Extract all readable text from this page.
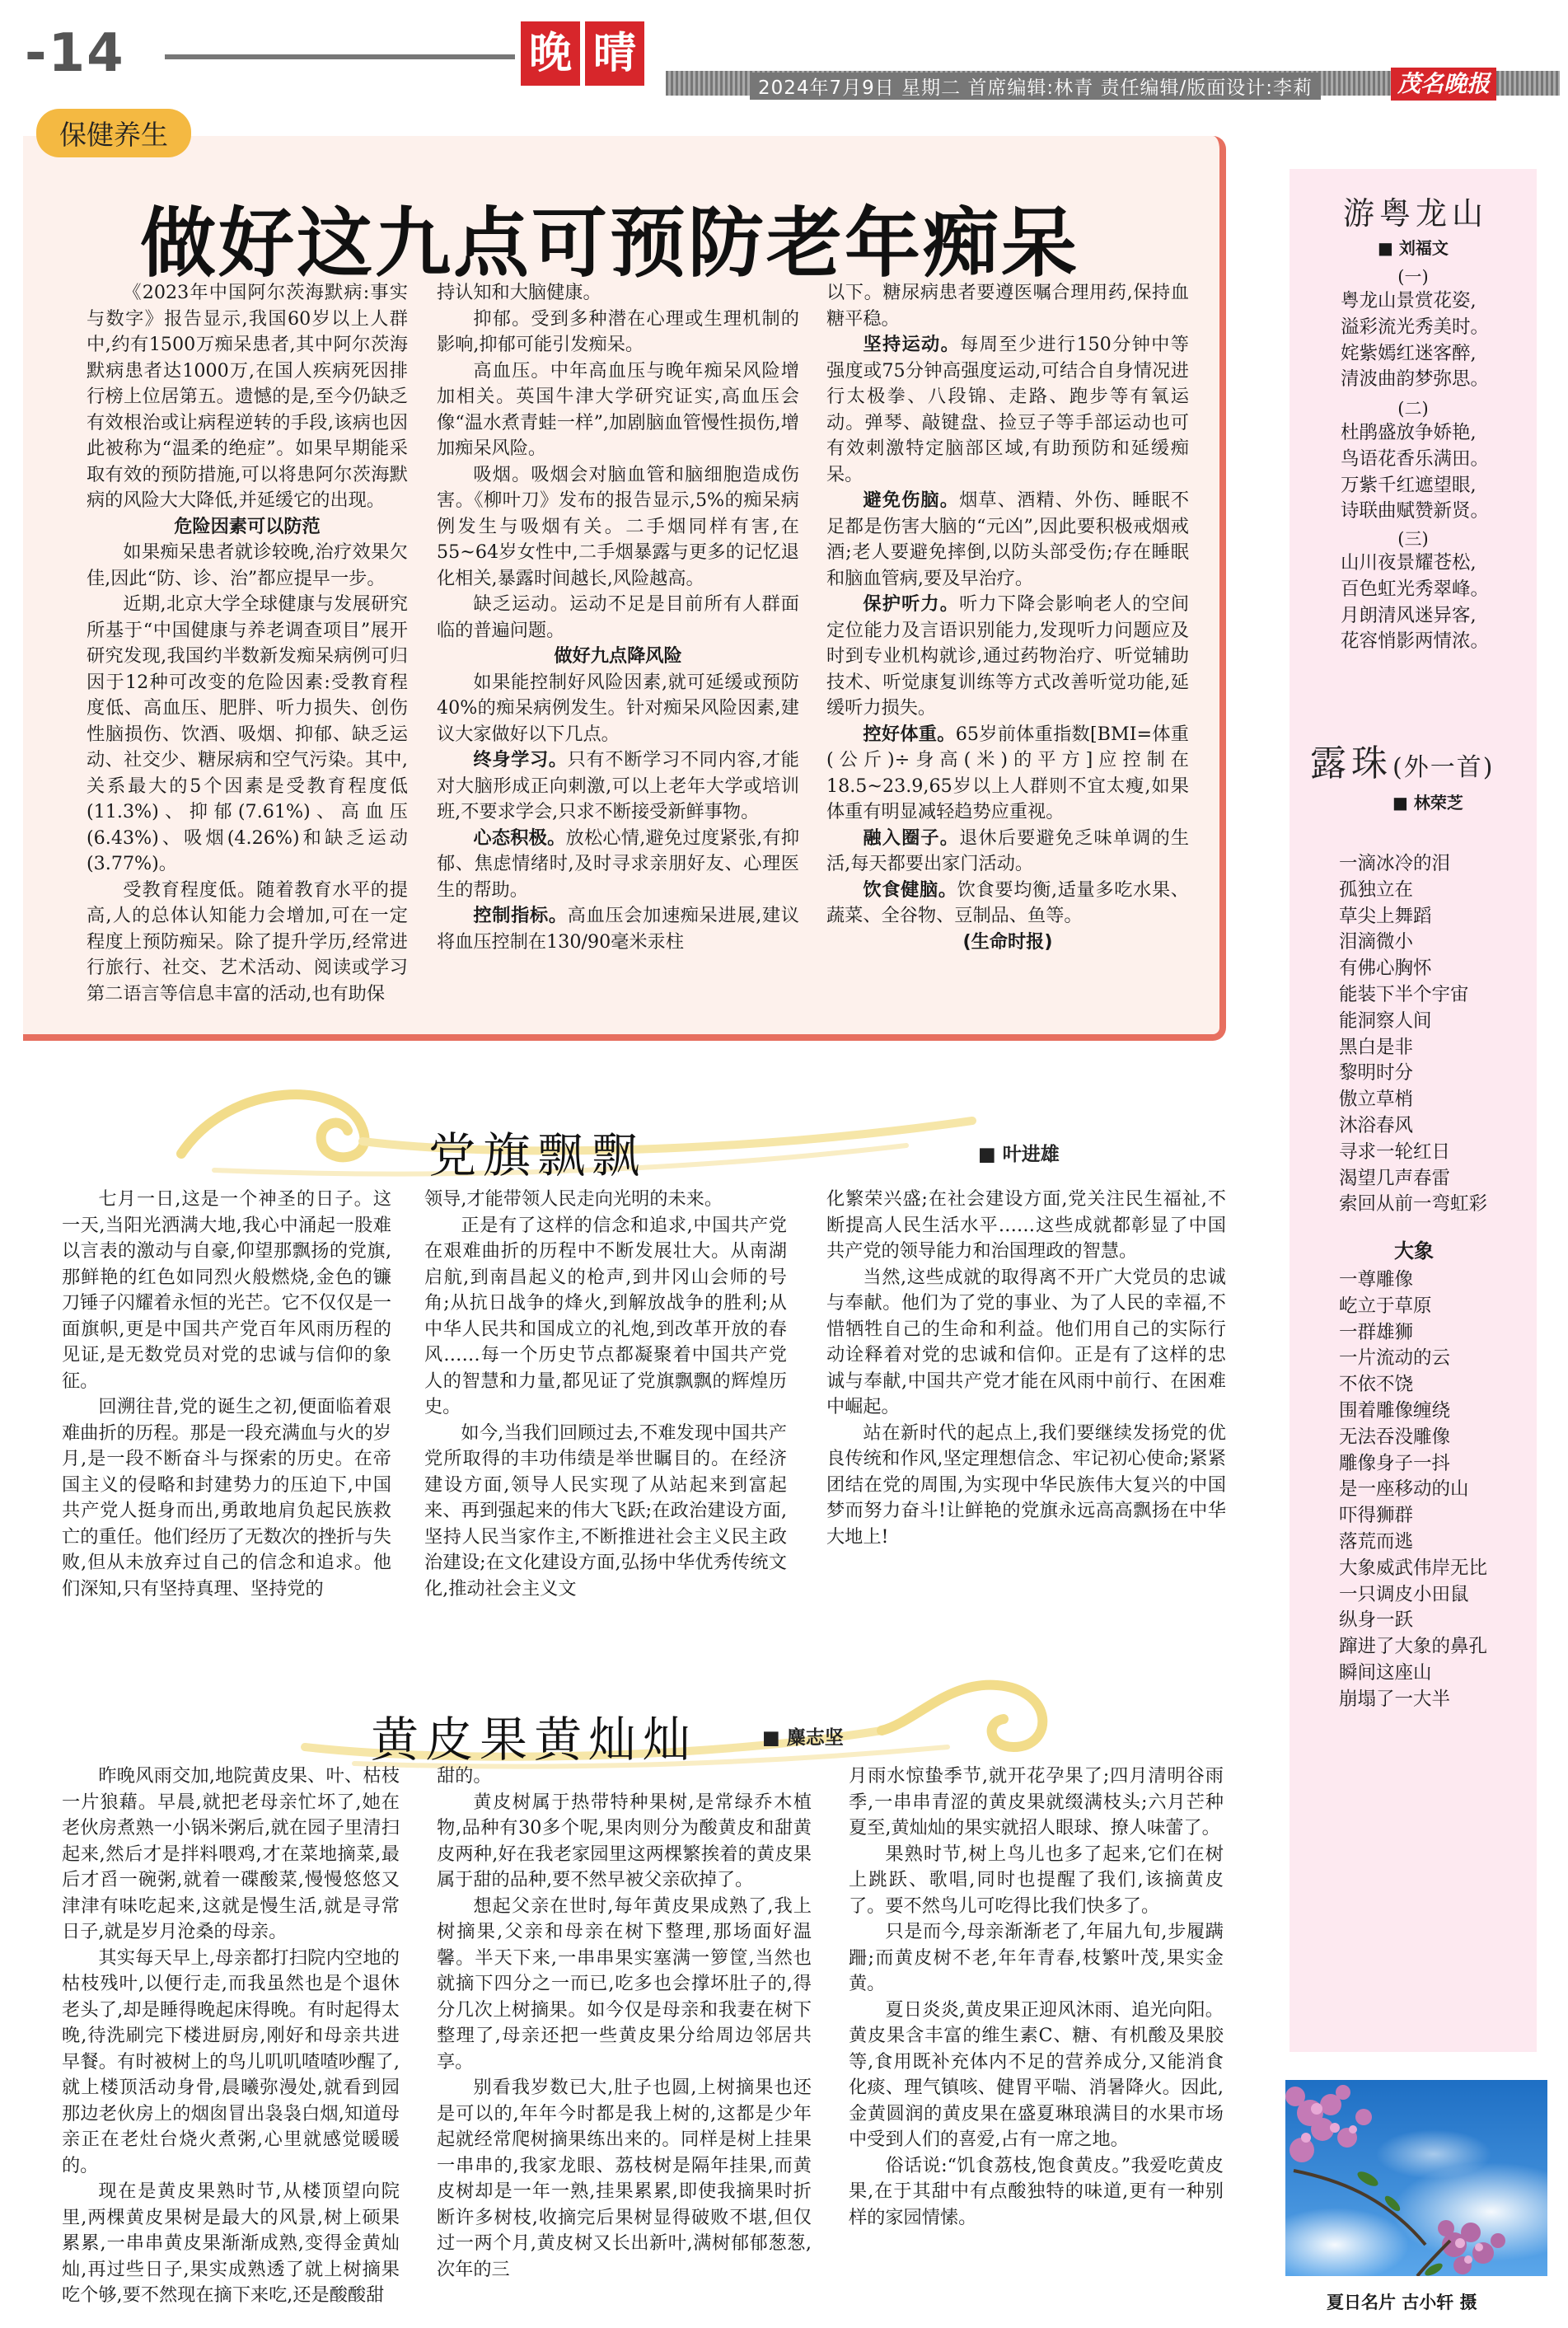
-14	晚 晴
2024年7月9日 星期二 首席编辑:林青 责任编辑/版面设计:李莉	茂名晚报
保健养生
做好这九点可预防老年痴呆

《2023年中国阿尔茨海默病:事实与数字》报告显示,我国60岁以上人群中,约有1500万痴呆患者,其中阿尔茨海默病患者达1000万,在国人疾病死因排行榜上位居第五。遗憾的是,至今仍缺乏有效根治或让病程逆转的手段,该病也因此被称为“温柔的绝症”。如果早期能采取有效的预防措施,可以将患阿尔茨海默病的风险大大降低,并延缓它的出现。

危险因素可以防范

如果痴呆患者就诊较晚,治疗效果欠佳,因此“防、诊、治”都应提早一步。

近期,北京大学全球健康与发展研究所基于“中国健康与养老调查项目”展开研究发现,我国约半数新发痴呆病例可归因于12种可改变的危险因素:受教育程度低、高血压、肥胖、听力损失、创伤性脑损伤、饮酒、吸烟、抑郁、缺乏运动、社交少、糖尿病和空气污染。其中,关系最大的5个因素是受教育程度低(11.3%)、抑郁(7.61%)、高血压(6.43%)、吸烟(4.26%)和缺乏运动(3.77%)。

受教育程度低。随着教育水平的提高,人的总体认知能力会增加,可在一定程度上预防痴呆。除了提升学历,经常进行旅行、社交、艺术活动、阅读或学习第二语言等信息丰富的活动,也有助保

持认知和大脑健康。

抑郁。受到多种潜在心理或生理机制的影响,抑郁可能引发痴呆。

高血压。中年高血压与晚年痴呆风险增加相关。英国牛津大学研究证实,高血压会像“温水煮青蛙一样”,加剧脑血管慢性损伤,增加痴呆风险。

吸烟。吸烟会对脑血管和脑细胞造成伤害。《柳叶刀》发布的报告显示,5%的痴呆病例发生与吸烟有关。二手烟同样有害,在55~64岁女性中,二手烟暴露与更多的记忆退化相关,暴露时间越长,风险越高。

缺乏运动。运动不足是目前所有人群面临的普遍问题。

做好九点降风险

如果能控制好风险因素,就可延缓或预防40%的痴呆病例发生。针对痴呆风险因素,建议大家做好以下几点。

终身学习。只有不断学习不同内容,才能对大脑形成正向刺激,可以上老年大学或培训班,不要求学会,只求不断接受新鲜事物。

心态积极。放松心情,避免过度紧张,有抑郁、焦虑情绪时,及时寻求亲朋好友、心理医生的帮助。

控制指标。高血压会加速痴呆进展,建议将血压控制在130/90毫米汞柱

以下。糖尿病患者要遵医嘱合理用药,保持血糖平稳。

坚持运动。每周至少进行150分钟中等强度或75分钟高强度运动,可结合自身情况进行太极拳、八段锦、走路、跑步等有氧运动。弹琴、敲键盘、捡豆子等手部运动也可有效刺激特定脑部区域,有助预防和延缓痴呆。

避免伤脑。烟草、酒精、外伤、睡眠不足都是伤害大脑的“元凶”,因此要积极戒烟戒酒;老人要避免摔倒,以防头部受伤;存在睡眠和脑血管病,要及早治疗。

保护听力。听力下降会影响老人的空间定位能力及言语识别能力,发现听力问题应及时到专业机构就诊,通过药物治疗、听觉辅助技术、听觉康复训练等方式改善听觉功能,延缓听力损失。

控好体重。65岁前体重指数[BMI=体重(公斤)÷身高(米)的平方]应控制在18.5~23.9,65岁以上人群则不宜太瘦,如果体重有明显减轻趋势应重视。

融入圈子。退休后要避免乏味单调的生活,每天都要出家门活动。

饮食健脑。饮食要均衡,适量多吃水果、蔬菜、全谷物、豆制品、鱼等。

(生命时报)

党旗飘飘	■ 叶进雄

七月一日,这是一个神圣的日子。这一天,当阳光洒满大地,我心中涌起一股难以言表的激动与自豪,仰望那飘扬的党旗,那鲜艳的红色如同烈火般燃烧,金色的镰刀锤子闪耀着永恒的光芒。它不仅仅是一面旗帜,更是中国共产党百年风雨历程的见证,是无数党员对党的忠诚与信仰的象征。

回溯往昔,党的诞生之初,便面临着艰难曲折的历程。那是一段充满血与火的岁月,是一段不断奋斗与探索的历史。在帝国主义的侵略和封建势力的压迫下,中国共产党人挺身而出,勇敢地肩负起民族救亡的重任。他们经历了无数次的挫折与失败,但从未放弃过自己的信念和追求。他们深知,只有坚持真理、坚持党的

领导,才能带领人民走向光明的未来。

正是有了这样的信念和追求,中国共产党在艰难曲折的历程中不断发展壮大。从南湖启航,到南昌起义的枪声,到井冈山会师的号角;从抗日战争的烽火,到解放战争的胜利;从中华人民共和国成立的礼炮,到改革开放的春风……每一个历史节点都凝聚着中国共产党人的智慧和力量,都见证了党旗飘飘的辉煌历史。

如今,当我们回顾过去,不难发现中国共产党所取得的丰功伟绩是举世瞩目的。在经济建设方面,领导人民实现了从站起来到富起来、再到强起来的伟大飞跃;在政治建设方面,坚持人民当家作主,不断推进社会主义民主政治建设;在文化建设方面,弘扬中华优秀传统文化,推动社会主义文

化繁荣兴盛;在社会建设方面,党关注民生福祉,不断提高人民生活水平……这些成就都彰显了中国共产党的领导能力和治国理政的智慧。

当然,这些成就的取得离不开广大党员的忠诚与奉献。他们为了党的事业、为了人民的幸福,不惜牺牲自己的生命和利益。他们用自己的实际行动诠释着对党的忠诚和信仰。正是有了这样的忠诚与奉献,中国共产党才能在风雨中前行、在困难中崛起。

站在新时代的起点上,我们要继续发扬党的优良传统和作风,坚定理想信念、牢记初心使命;紧紧团结在党的周围,为实现中华民族伟大复兴的中国梦而努力奋斗!让鲜艳的党旗永远高高飘扬在中华大地上!

黄皮果黄灿灿	■ 麋志坚

昨晚风雨交加,地院黄皮果、叶、枯枝一片狼藉。早晨,就把老母亲忙坏了,她在老伙房煮熟一小锅米粥后,就在园子里清扫起来,然后才是拌料喂鸡,才在菜地摘菜,最后才舀一碗粥,就着一碟酸菜,慢慢悠悠又津津有味吃起来,这就是慢生活,就是寻常日子,就是岁月沧桑的母亲。

其实每天早上,母亲都打扫院内空地的枯枝残叶,以便行走,而我虽然也是个退休老头了,却是睡得晚起床得晚。有时起得太晚,待洗刷完下楼进厨房,刚好和母亲共进早餐。有时被树上的鸟儿叽叽喳喳吵醒了,就上楼顶活动身骨,晨曦弥漫处,就看到园那边老伙房上的烟囱冒出袅袅白烟,知道母亲正在老灶台烧火煮粥,心里就感觉暖暖的。

现在是黄皮果熟时节,从楼顶望向院里,两棵黄皮果树是最大的风景,树上硕果累累,一串串黄皮果渐渐成熟,变得金黄灿灿,再过些日子,果实成熟透了就上树摘果吃个够,要不然现在摘下来吃,还是酸酸甜

甜的。

黄皮树属于热带特种果树,是常绿乔木植物,品种有30多个呢,果肉则分为酸黄皮和甜黄皮两种,好在我老家园里这两棵繁挨着的黄皮果属于甜的品种,要不然早被父亲砍掉了。

想起父亲在世时,每年黄皮果成熟了,我上树摘果,父亲和母亲在树下整理,那场面好温馨。半天下来,一串串果实塞满一箩筐,当然也就摘下四分之一而已,吃多也会撑坏肚子的,得分几次上树摘果。如今仅是母亲和我妻在树下整理了,母亲还把一些黄皮果分给周边邻居共享。

别看我岁数已大,肚子也圆,上树摘果也还是可以的,年年今时都是我上树的,这都是少年起就经常爬树摘果练出来的。同样是树上挂果一串串的,我家龙眼、荔枝树是隔年挂果,而黄皮树却是一年一熟,挂果累累,即使我摘果时折断许多树枝,收摘完后果树显得破败不堪,但仅过一两个月,黄皮树又长出新叶,满树郁郁葱葱,次年的三

月雨水惊蛰季节,就开花孕果了;四月清明谷雨季,一串串青涩的黄皮果就缀满枝头;六月芒种夏至,黄灿灿的果实就招人眼球、撩人味蕾了。

果熟时节,树上鸟儿也多了起来,它们在树上跳跃、歌唱,同时也提醒了我们,该摘黄皮了。要不然鸟儿可吃得比我们快多了。

只是而今,母亲渐渐老了,年届九旬,步履蹒跚;而黄皮树不老,年年青春,枝繁叶茂,果实金黄。

夏日炎炎,黄皮果正迎风沐雨、追光向阳。黄皮果含丰富的维生素C、糖、有机酸及果胶等,食用既补充体内不足的营养成分,又能消食化痰、理气镇咳、健胃平喘、消暑降火。因此,金黄圆润的黄皮果在盛夏琳琅满目的水果市场中受到人们的喜爱,占有一席之地。

俗话说:“饥食荔枝,饱食黄皮。”我爱吃黄皮果,在于其甜中有点酸独特的味道,更有一种别样的家园情愫。

游粤龙山
■ 刘福文
(一)
粤龙山景赏花姿,
溢彩流光秀美时。
姹紫嫣红迷客醉,
清波曲韵梦弥思。
(二)
杜鹃盛放争娇艳,
鸟语花香乐满田。
万紫千红遮望眼,
诗联曲赋赞新贤。
(三)
山川夜景耀苍松,
百色虹光秀翠峰。
月朗清风迷异客,
花容悄影两情浓。
露珠(外一首)
■ 林荣芝
一滴冰冷的泪
孤独立在
草尖上舞蹈
泪滴微小
有佛心胸怀
能装下半个宇宙
能洞察人间
黑白是非
黎明时分
傲立草梢
沐浴春风
寻求一轮红日
渴望几声春雷
索回从前一弯虹彩
大象
一尊雕像
屹立于草原
一群雄狮
一片流动的云
不依不饶
围着雕像缠绕
无法吞没雕像
雕像身子一抖
是一座移动的山
吓得狮群
落荒而逃
大象威武伟岸无比
一只调皮小田鼠
纵身一跃
蹿进了大象的鼻孔
瞬间这座山
崩塌了一大半
夏日名片 古小轩 摄
